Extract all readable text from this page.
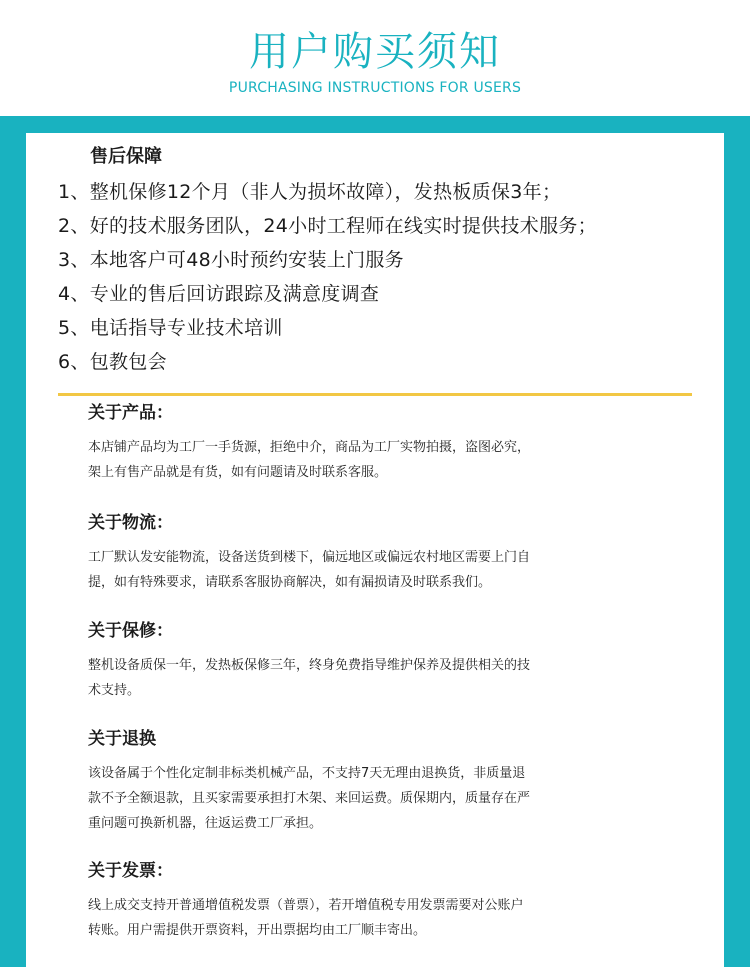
用户购买须知
PURCHASING INSTRUCTIONS FOR USERS
售后保障
1、整机保修12个月（非人为损坏故障），发热板质保3年；
2、好的技术服务团队，24小时工程师在线实时提供技术服务；
3、本地客户可48小时预约安装上门服务
4、专业的售后回访跟踪及满意度调查
5、电话指导专业技术培训
6、包教包会
关于产品：
本店铺产品均为工厂一手货源，拒绝中介，商品为工厂实物拍摄，盗图必究，
架上有售产品就是有货，如有问题请及时联系客服。
关于物流：
工厂默认发安能物流，设备送货到楼下，偏远地区或偏远农村地区需要上门自
提，如有特殊要求，请联系客服协商解决，如有漏损请及时联系我们。
关于保修：
整机设备质保一年，发热板保修三年，终身免费指导维护保养及提供相关的技
术支持。
关于退换
该设备属于个性化定制非标类机械产品，不支持7天无理由退换货，非质量退
款不予全额退款，且买家需要承担打木架、来回运费。质保期内，质量存在严
重问题可换新机器，往返运费工厂承担。
关于发票：
线上成交支持开普通增值税发票（普票），若开增值税专用发票需要对公账户
转账。用户需提供开票资料，开出票据均由工厂顺丰寄出。
